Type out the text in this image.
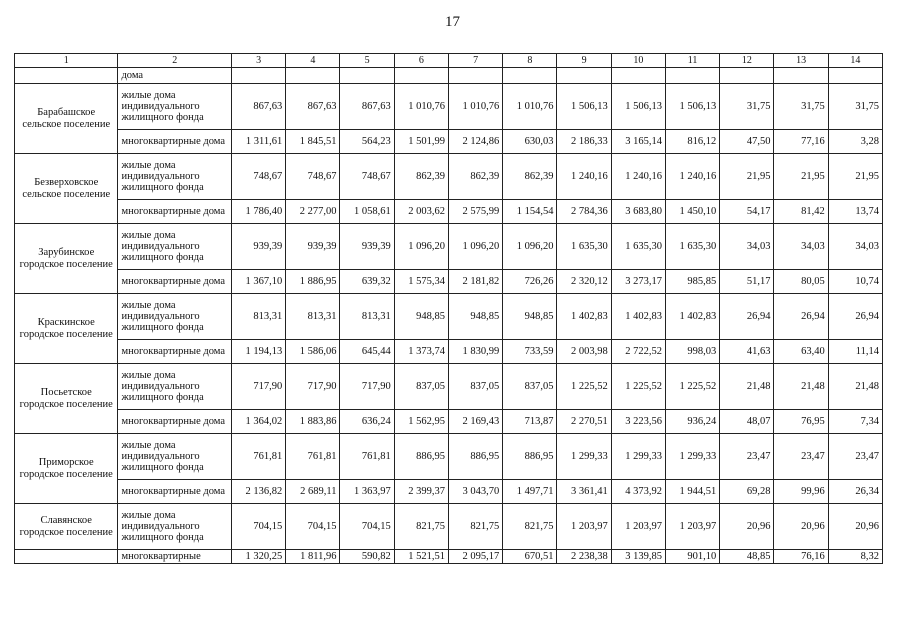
17
1	2	3	4	5	6	7	8	9	10	11	12	13	14
	дома												
Барабашское сельское поселение	жилые дома индивидуального жилищного фонда	867,63	867,63	867,63	1 010,76	1 010,76	1 010,76	1 506,13	1 506,13	1 506,13	31,75	31,75	31,75
	многоквартирные дома	1 311,61	1 845,51	564,23	1 501,99	2 124,86	630,03	2 186,33	3 165,14	816,12	47,50	77,16	3,28
Безверховское сельское поселение	жилые дома индивидуального жилищного фонда	748,67	748,67	748,67	862,39	862,39	862,39	1 240,16	1 240,16	1 240,16	21,95	21,95	21,95
	многоквартирные дома	1 786,40	2 277,00	1 058,61	2 003,62	2 575,99	1 154,54	2 784,36	3 683,80	1 450,10	54,17	81,42	13,74
Зарубинское городское поселение	жилые дома индивидуального жилищного фонда	939,39	939,39	939,39	1 096,20	1 096,20	1 096,20	1 635,30	1 635,30	1 635,30	34,03	34,03	34,03
	многоквартирные дома	1 367,10	1 886,95	639,32	1 575,34	2 181,82	726,26	2 320,12	3 273,17	985,85	51,17	80,05	10,74
Краскинское городское поселение	жилые дома индивидуального жилищного фонда	813,31	813,31	813,31	948,85	948,85	948,85	1 402,83	1 402,83	1 402,83	26,94	26,94	26,94
	многоквартирные дома	1 194,13	1 586,06	645,44	1 373,74	1 830,99	733,59	2 003,98	2 722,52	998,03	41,63	63,40	11,14
Посьетское городское поселение	жилые дома индивидуального жилищного фонда	717,90	717,90	717,90	837,05	837,05	837,05	1 225,52	1 225,52	1 225,52	21,48	21,48	21,48
	многоквартирные дома	1 364,02	1 883,86	636,24	1 562,95	2 169,43	713,87	2 270,51	3 223,56	936,24	48,07	76,95	7,34
Приморское городское поселение	жилые дома индивидуального жилищного фонда	761,81	761,81	761,81	886,95	886,95	886,95	1 299,33	1 299,33	1 299,33	23,47	23,47	23,47
	многоквартирные дома	2 136,82	2 689,11	1 363,97	2 399,37	3 043,70	1 497,71	3 361,41	4 373,92	1 944,51	69,28	99,96	26,34
Славянское городское поселение	жилые дома индивидуального жилищного фонда	704,15	704,15	704,15	821,75	821,75	821,75	1 203,97	1 203,97	1 203,97	20,96	20,96	20,96
	многоквартирные	1 320,25	1 811,96	590,82	1 521,51	2 095,17	670,51	2 238,38	3 139,85	901,10	48,85	76,16	8,32
